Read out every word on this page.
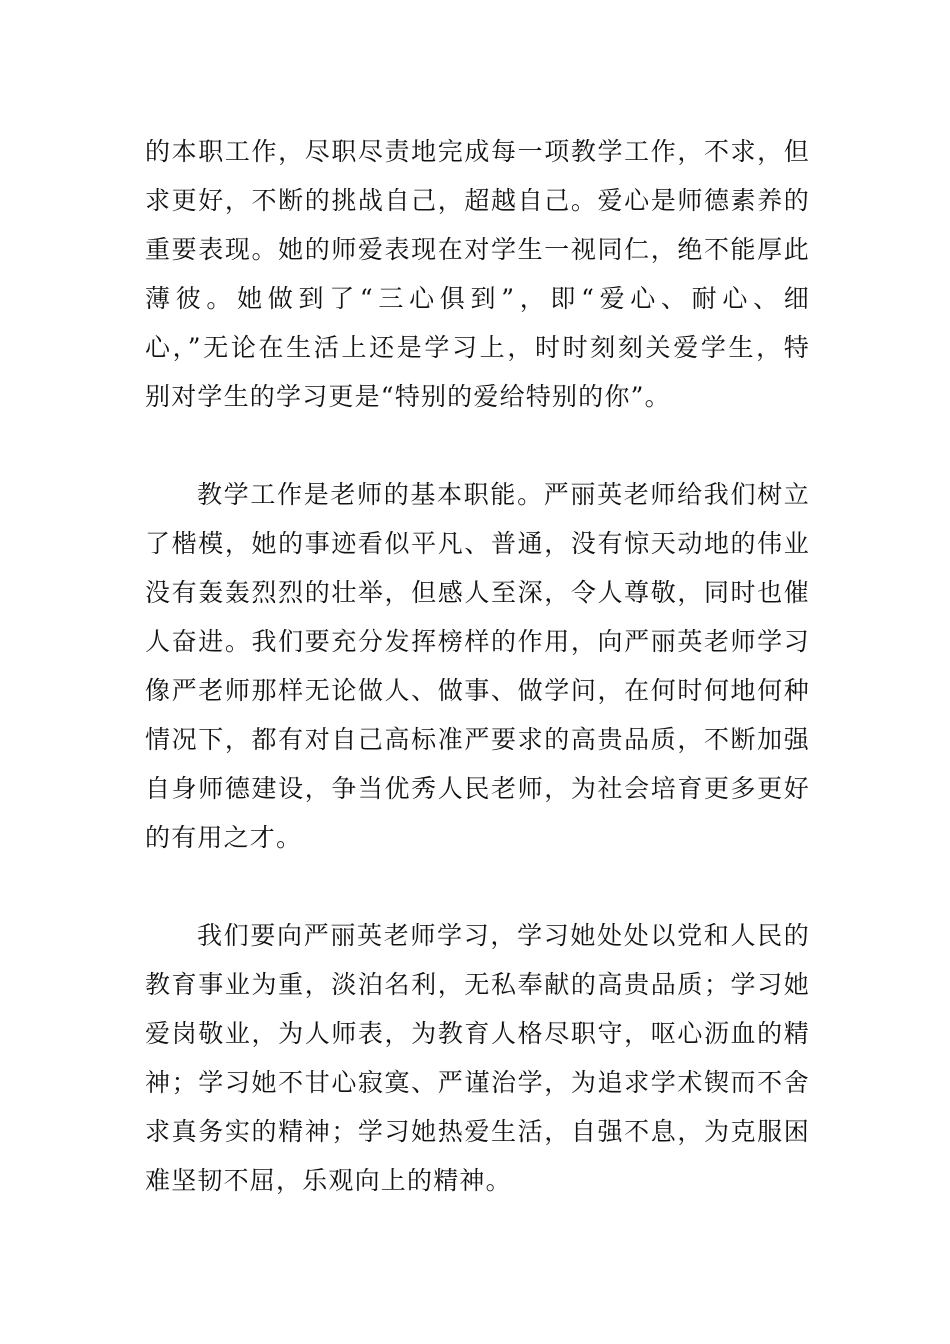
的本职工作，尽职尽责地完成每一项教学工作，不求，但
求更好，不断的挑战自己，超越自己。爱心是师德素养的
重要表现。她的师爱表现在对学生一视同仁，绝不能厚此
薄彼。她做到了“三心俱到”，即“爱心、耐心、细
心，”无论在生活上还是学习上，时时刻刻关爱学生，特
别对学生的学习更是“特别的爱给特别的你”。
教学工作是老师的基本职能。严丽英老师给我们树立
了楷模，她的事迹看似平凡、普通，没有惊天动地的伟业
没有轰轰烈烈的壮举，但感人至深，令人尊敬，同时也催
人奋进。我们要充分发挥榜样的作用，向严丽英老师学习
像严老师那样无论做人、做事、做学问，在何时何地何种
情况下，都有对自己高标准严要求的高贵品质，不断加强
自身师德建设，争当优秀人民老师，为社会培育更多更好
的有用之才。
我们要向严丽英老师学习，学习她处处以党和人民的
教育事业为重，淡泊名利，无私奉献的高贵品质；学习她
爱岗敬业，为人师表，为教育人格尽职守，呕心沥血的精
神；学习她不甘心寂寞、严谨治学，为追求学术锲而不舍
求真务实的精神；学习她热爱生活，自强不息，为克服困
难坚韧不屈，乐观向上的精神。
